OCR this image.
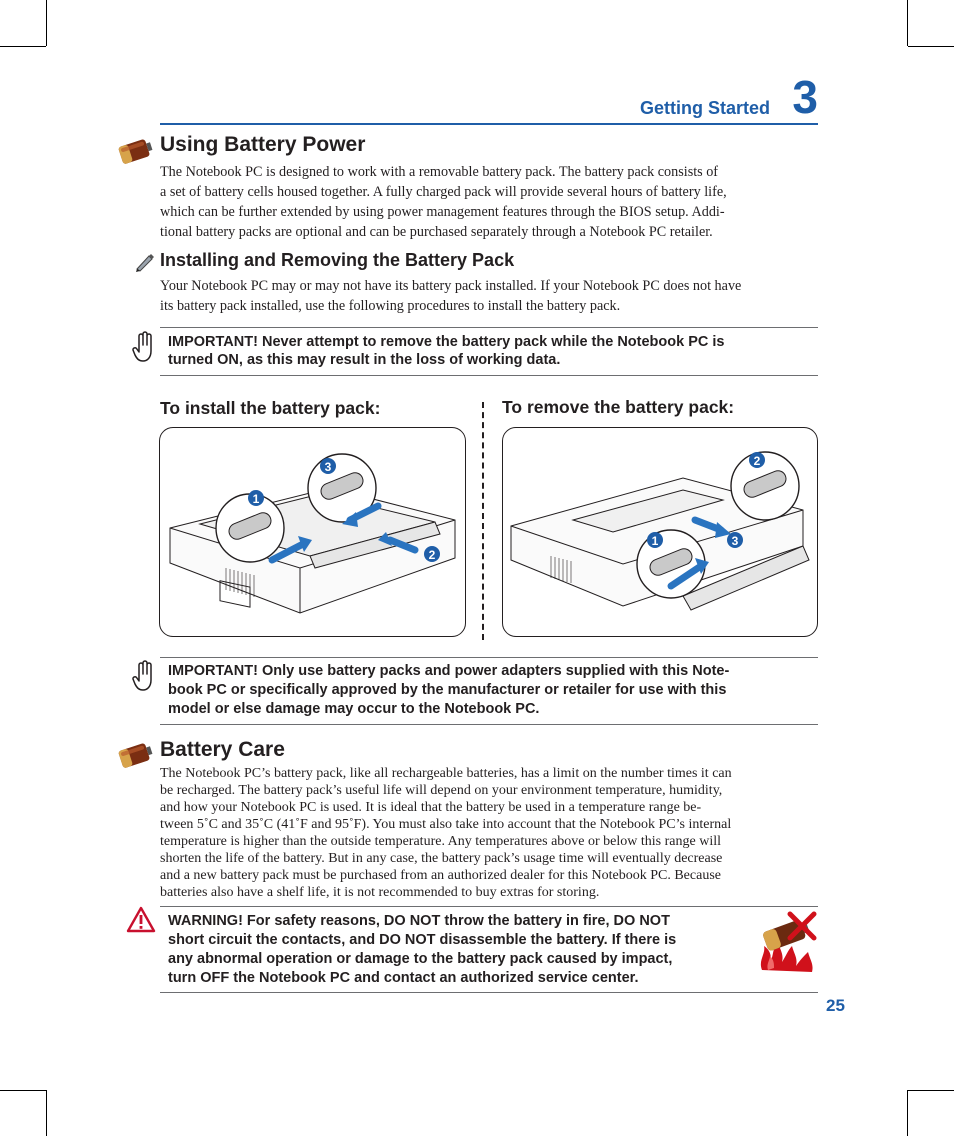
Getting Started 3
Using Battery Power

The Notebook PC is designed to work with a removable battery pack. The battery pack consists of

a set of battery cells housed together. A fully charged pack will provide several hours of battery life,

which can be further extended by using power management features through the BIOS setup. Addi-

tional battery packs are optional and can be purchased separately through a Notebook PC retailer.

Installing and Removing the Battery Pack

Your Notebook PC may or may not have its battery pack installed. If your Notebook PC does not have

its battery pack installed, use the following procedures to install the battery pack.

IMPORTANT! Never attempt to remove the battery pack while the Notebook PC is

turned ON, as this may result in the loss of working data.

To install the battery pack:	To remove the battery pack:

1
2
3
1
2
3

IMPORTANT! Only use battery packs and power adapters supplied with this Note-

book PC or specifically approved by the manufacturer or retailer for use with this

model or else damage may occur to the Notebook PC.

Battery Care

The Notebook PC’s battery pack, like all rechargeable batteries, has a limit on the number times it can

be recharged. The battery pack’s useful life will depend on your environment temperature, humidity,

and how your Notebook PC is used. It is ideal that the battery be used in a temperature range be-

tween 5˚C and 35˚C (41˚F and 95˚F). You must also take into account that the Notebook PC’s internal

temperature is higher than the outside temperature. Any temperatures above or below this range will

shorten the life of the battery. But in any case, the battery pack’s usage time will eventually decrease

and a new battery pack must be purchased from an authorized dealer for this Notebook PC. Because

batteries also have a shelf life, it is not recommended to buy extras for storing.

WARNING! For safety reasons, DO NOT throw the battery in fire, DO NOT

short circuit the contacts, and DO NOT disassemble the battery. If there is

any abnormal operation or damage to the battery pack caused by impact,

turn OFF the Notebook PC and contact an authorized service center.

25
